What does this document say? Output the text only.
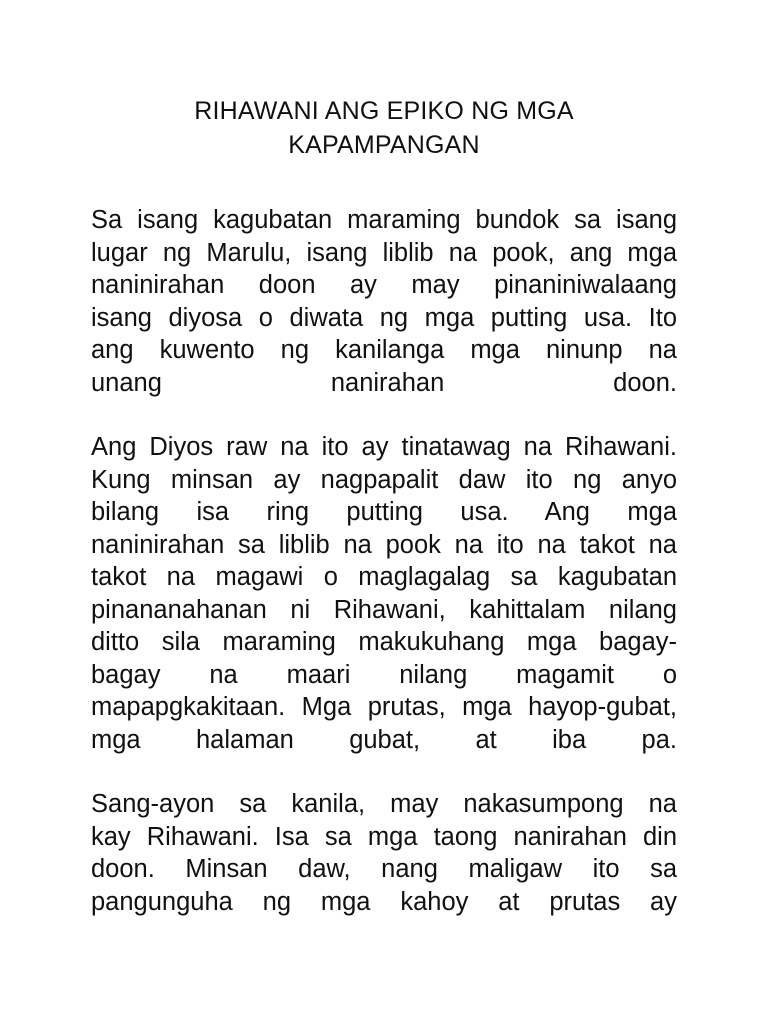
RIHAWANI ANG EPIKO NG MGA
KAPAMPANGAN
Sa isang kagubatan maraming bundok sa isang
lugar ng Marulu, isang liblib na pook, ang mga
naninirahan doon ay may pinaniniwalaang
isang diyosa o diwata ng mga putting usa. Ito
ang kuwento ng kanilanga mga ninunp na
unang nanirahan doon.
Ang Diyos raw na ito ay tinatawag na Rihawani.
Kung minsan ay nagpapalit daw ito ng anyo
bilang isa ring putting usa. Ang mga
naninirahan sa liblib na pook na ito na takot na
takot na magawi o maglagalag sa kagubatan
pinananahanan ni Rihawani, kahittalam nilang
ditto sila maraming makukuhang mga bagay-
bagay na maari nilang magamit o
mapapgkakitaan. Mga prutas, mga hayop-gubat,
mga halaman gubat, at iba pa.
Sang-ayon sa kanila, may nakasumpong na
kay Rihawani. Isa sa mga taong nanirahan din
doon. Minsan daw, nang maligaw ito sa
pangunguha ng mga kahoy at prutas ay
